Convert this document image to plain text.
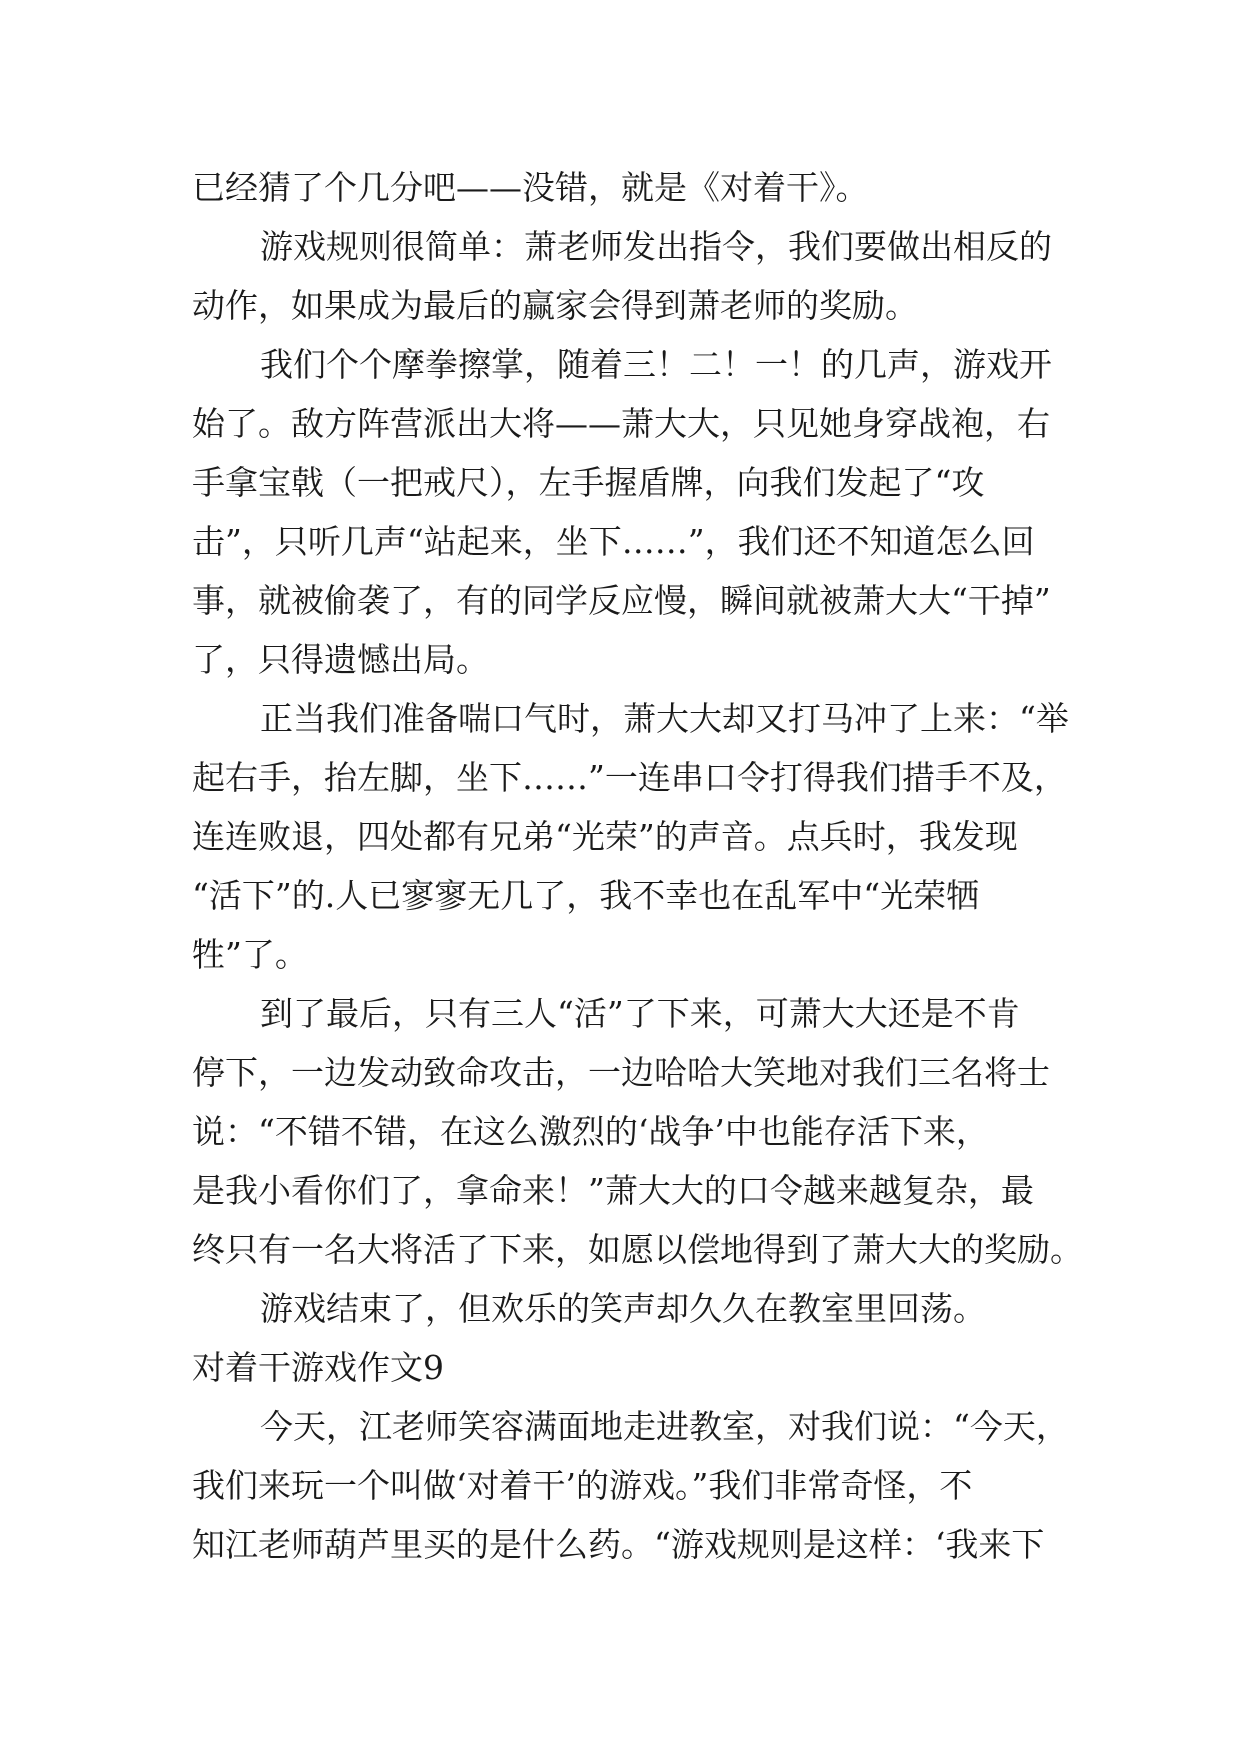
已经猜了个几分吧——没错，就是《对着干》。
游戏规则很简单：萧老师发出指令，我们要做出相反的
动作，如果成为最后的赢家会得到萧老师的奖励。
我们个个摩拳擦掌，随着三！二！一！的几声，游戏开
始了。敌方阵营派出大将——萧大大，只见她身穿战袍，右
手拿宝戟（一把戒尺），左手握盾牌，向我们发起了“攻
击”，只听几声“站起来，坐下……”，我们还不知道怎么回
事，就被偷袭了，有的同学反应慢，瞬间就被萧大大“干掉”
了，只得遗憾出局。
正当我们准备喘口气时，萧大大却又打马冲了上来：“举
起右手，抬左脚，坐下……”一连串口令打得我们措手不及，
连连败退，四处都有兄弟“光荣”的声音。点兵时，我发现
“活下”的.人已寥寥无几了，我不幸也在乱军中“光荣牺
牲”了。
到了最后，只有三人“活”了下来，可萧大大还是不肯
停下，一边发动致命攻击，一边哈哈大笑地对我们三名将士
说：“不错不错，在这么激烈的‘战争’中也能存活下来，
是我小看你们了，拿命来！”萧大大的口令越来越复杂，最
终只有一名大将活了下来，如愿以偿地得到了萧大大的奖励。
游戏结束了，但欢乐的笑声却久久在教室里回荡。
对着干游戏作文9
今天，江老师笑容满面地走进教室，对我们说：“今天，
我们来玩一个叫做‘对着干’的游戏。”我们非常奇怪，不
知江老师葫芦里买的是什么药。“游戏规则是这样：‘我来下
